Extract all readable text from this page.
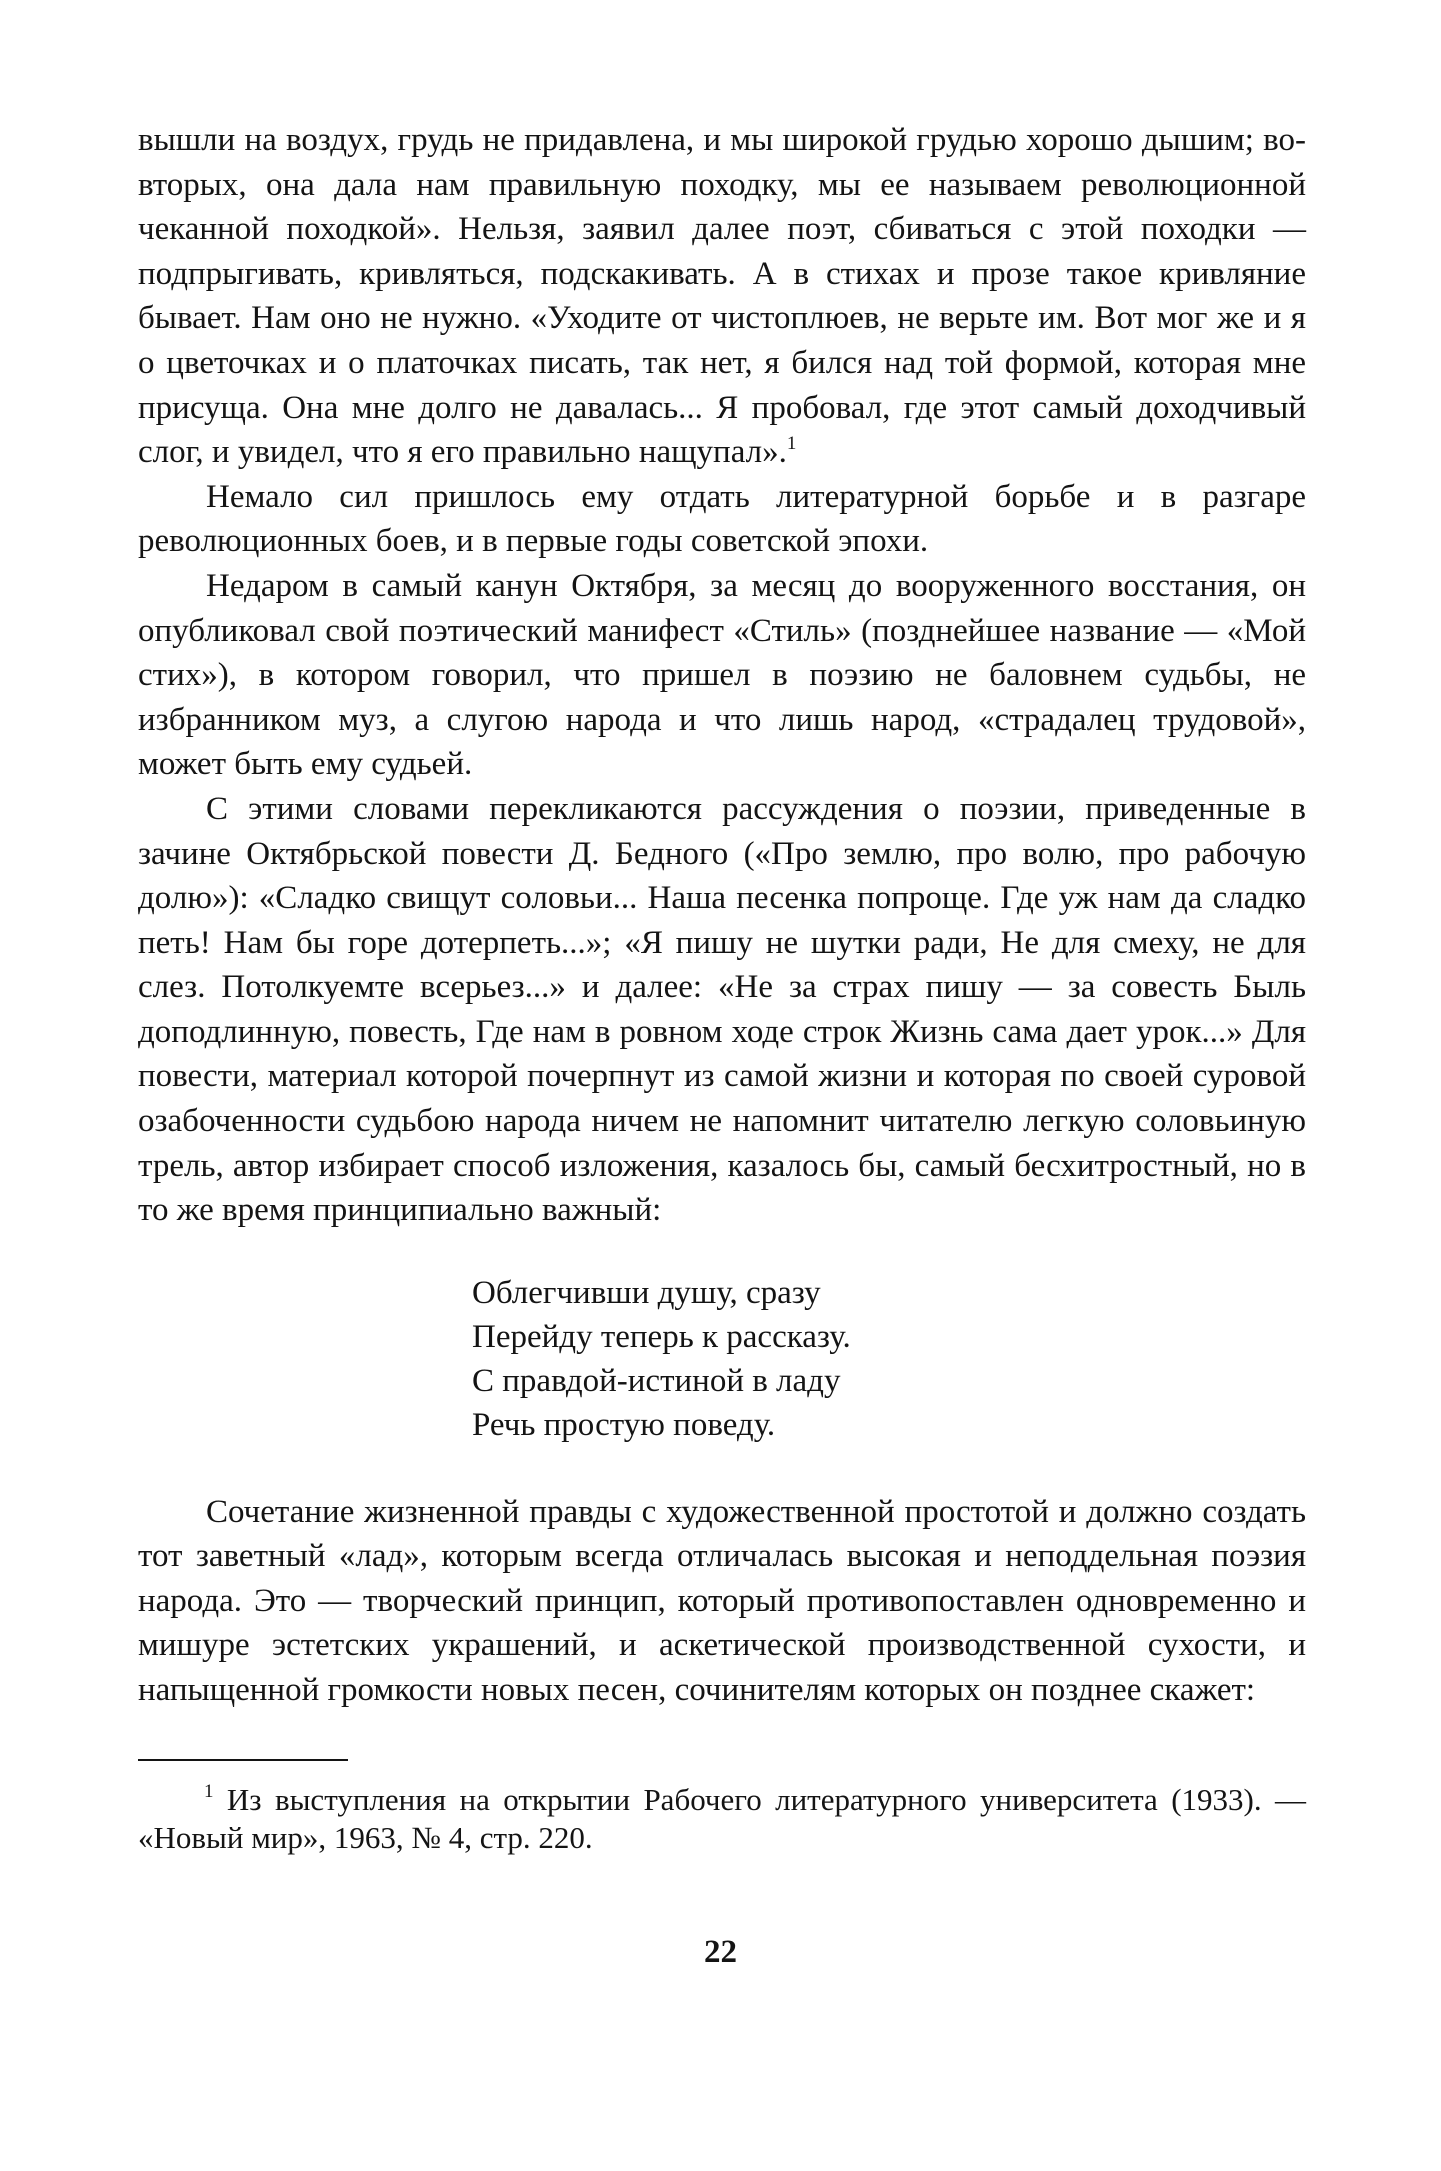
вышли на воздух, грудь не придавлена, и мы широкой грудью хорошо дышим; во-вторых, она дала нам правильную походку, мы ее называем революционной чеканной походкой». Нельзя, заявил далее поэт, сбиваться с этой походки — подпрыгивать, кривляться, подскакивать. А в стихах и прозе такое кривляние бывает. Нам оно не нужно. «Уходите от чистоплюев, не верьте им. Вот мог же и я о цветочках и о платочках писать, так нет, я бился над той формой, которая мне присуща. Она мне долго не давалась... Я пробовал, где этот самый доходчивый слог, и увидел, что я его правильно нащупал».$^1$

Немало сил пришлось ему отдать литературной борьбе и в разгаре революционных боев, и в первые годы советской эпохи.

Недаром в самый канун Октября, за месяц до вооруженного восстания, он опубликовал свой поэтический манифест «Стиль» (позднейшее название — «Мой стих»), в котором говорил, что пришел в поэзию не баловнем судьбы, не избранником муз, а слугою народа и что лишь народ, «страдалец трудовой», может быть ему судьей.

С этими словами перекликаются рассуждения о поэзии, приведенные в зачине Октябрьской повести Д. Бедного («Про землю, про волю, про рабочую долю»): «Сладко свищут соловьи... Наша песенка попроще. Где уж нам да сладко петь! Нам бы горе дотерпеть...»; «Я пишу не шутки ради, Не для смеху, не для слез. Потолкуемте всерьез...» и далее: «Не за страх пишу — за совесть Быль доподлинную, повесть, Где нам в ровном ходе строк Жизнь сама дает урок...» Для повести, материал которой почерпнут из самой жизни и которая по своей суровой озабоченности судьбою народа ничем не напомнит читателю легкую соловьиную трель, автор избирает способ изложения, казалось бы, самый бесхитростный, но в то же время принципиально важный:

Облегчивши душу, сразу
Перейду теперь к рассказу.
С правдой-истиной в ладу
Речь простую поведу.

Сочетание жизненной правды с художественной простотой и должно создать тот заветный «лад», которым всегда отличалась высокая и неподдельная поэзия народа. Это — творческий принцип, который противопоставлен одновременно и мишуре эстетских украшений, и аскетической производственной сухости, и напыщенной громкости новых песен, сочинителям которых он позднее скажет:

$^1$ Из выступления на открытии Рабочего литературного университета (1933). — «Новый мир», 1963, № 4, стр. 220.

22
